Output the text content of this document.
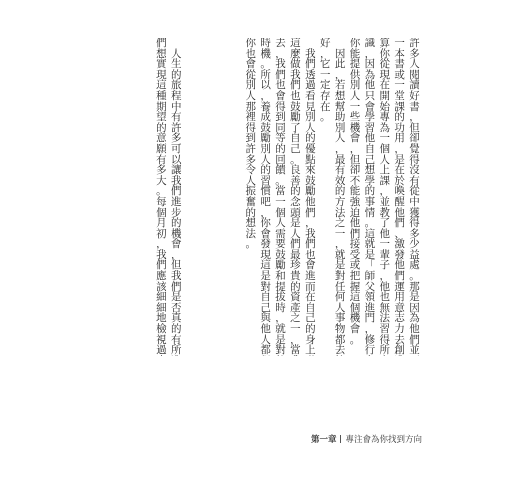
許
多
人
閱
讀
好
書
，
但
卻
覺
得
沒
有
從
中
獲
得
多
少
益
處
。
那
是
因
為
他
們
並
一
本
書
或
一
堂
課
的
功
用
，
是
在
於
喚
醒
他
們
、
激
發
他
們
運
用
意
志
力
去
創
算
你
從
現
在
開
始
專
為
一
個
人
上
課
，
並
教
了
他
一
輩
子
，
他
也
無
法
習
得
所
識
，
因
為
他
只
會
學
習
他
自
己
想
學
的
事
情
。
這
就
是
「
師
父
領
進
門
，
修
行
你
能
提
供
別
人
一
些
機
會
，
但
卻
不
能
強
迫
他
們
接
受
或
把
握
這
個
機
會
。

因
此
，
若
想
幫
助
別
人
，
最
有
效
的
方
法
之
一
，
就
是
對
任
何
人
事
物
都
去
好
，
它
一
定
存
在
。

我
們
透
過
看
見
別
人
的
優
點
來
鼓
勵
他
們
，
我
們
也
會
進
而
在
自
己
的
身
上
這
麼
做
我
們
也
鼓
勵
了
自
己
。
良
善
的
念
頭
是
人
們
最
珍
貴
的
資
產
之
一
，
當
去
，
我
們
也
會
得
到
同
等
的
回
饋
。
當
一
個
人
需
要
鼓
勵
和
提
拔
時
，
就
是
對
時
機
。
所
以
，
養
成
鼓
勵
別
人
的
習
慣
吧
，
你
會
發
現
這
是
對
自
己
與
他
人
都
你
也
會
從
別
人
那
裡
得
到
許
多
令
人
振
奮
的
想
法
。

人
生
的
旅
程
中
有
許
多
可
以
讓
我
們
進
步
的
機
會
，
但
我
們
是
否
真
的
有
所
們
想
實
現
這
種
期
望
的
意
願
有
多
大
。
每
個
月
初
，
我
們
應
該
細
細
地
檢
視
過
第一章 專注會為你找到方向
